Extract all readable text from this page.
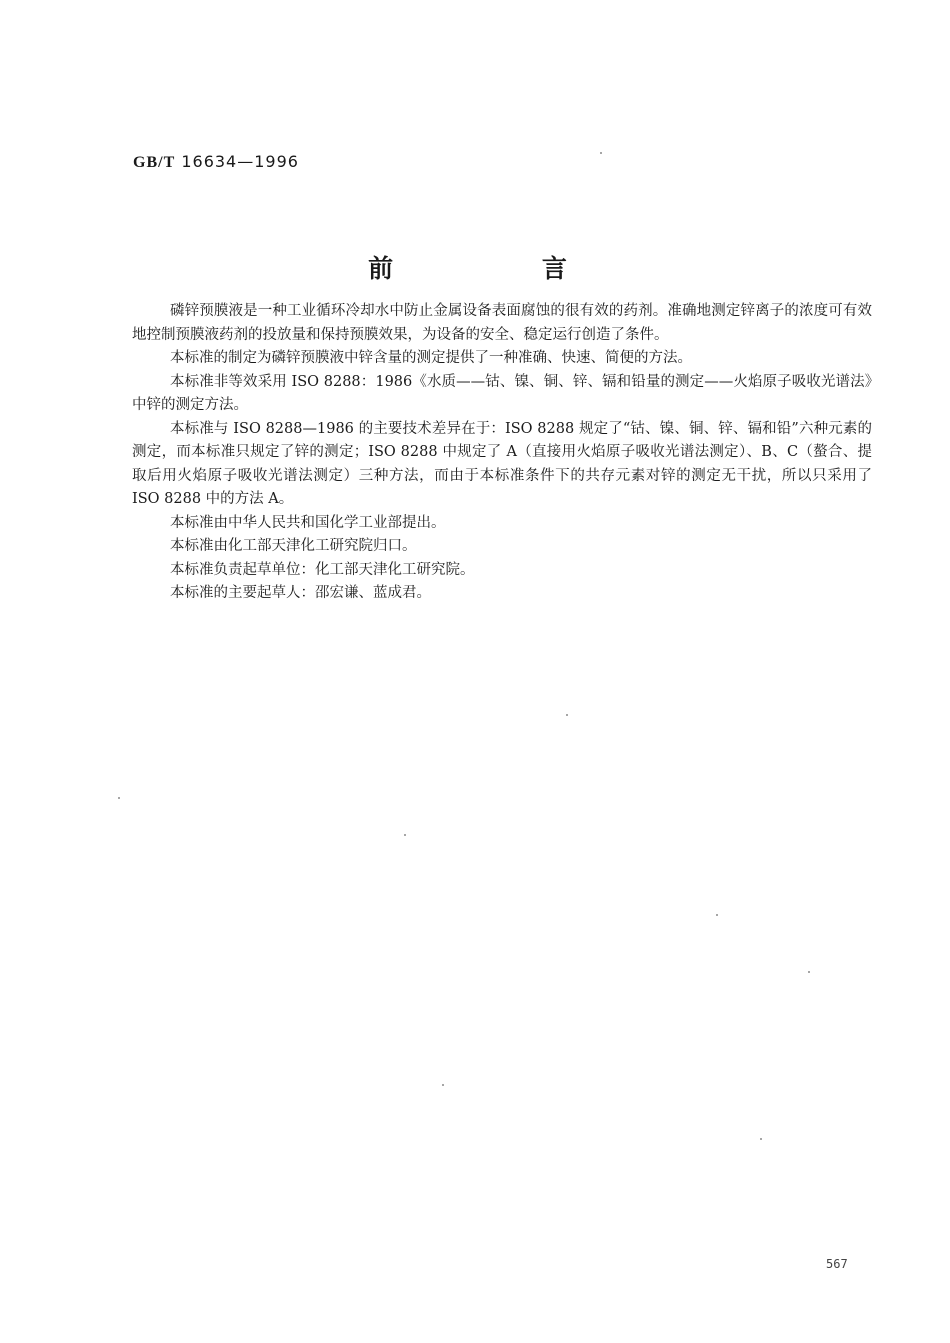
GB/T 16634—1996
前 言

磷锌预膜液是一种工业循环冷却水中防止金属设备表面腐蚀的很有效的药剂。准确地测定锌离子的浓度可有效地控制预膜液药剂的投放量和保持预膜效果，为设备的安全、稳定运行创造了条件。

本标准的制定为磷锌预膜液中锌含量的测定提供了一种准确、快速、简便的方法。

本标准非等效采用 ISO 8288：1986《水质——钴、镍、铜、锌、镉和铅量的测定——火焰原子吸收光谱法》中锌的测定方法。

本标准与 ISO 8288—1986 的主要技术差异在于：ISO 8288 规定了“钴、镍、铜、锌、镉和铅”六种元素的测定，而本标准只规定了锌的测定；ISO 8288 中规定了 A（直接用火焰原子吸收光谱法测定）、B、C（螯合、提取后用火焰原子吸收光谱法测定）三种方法，而由于本标准条件下的共存元素对锌的测定无干扰，所以只采用了 ISO 8288 中的方法 A。

本标准由中华人民共和国化学工业部提出。

本标准由化工部天津化工研究院归口。

本标准负责起草单位：化工部天津化工研究院。

本标准的主要起草人：邵宏谦、蓝成君。

567
